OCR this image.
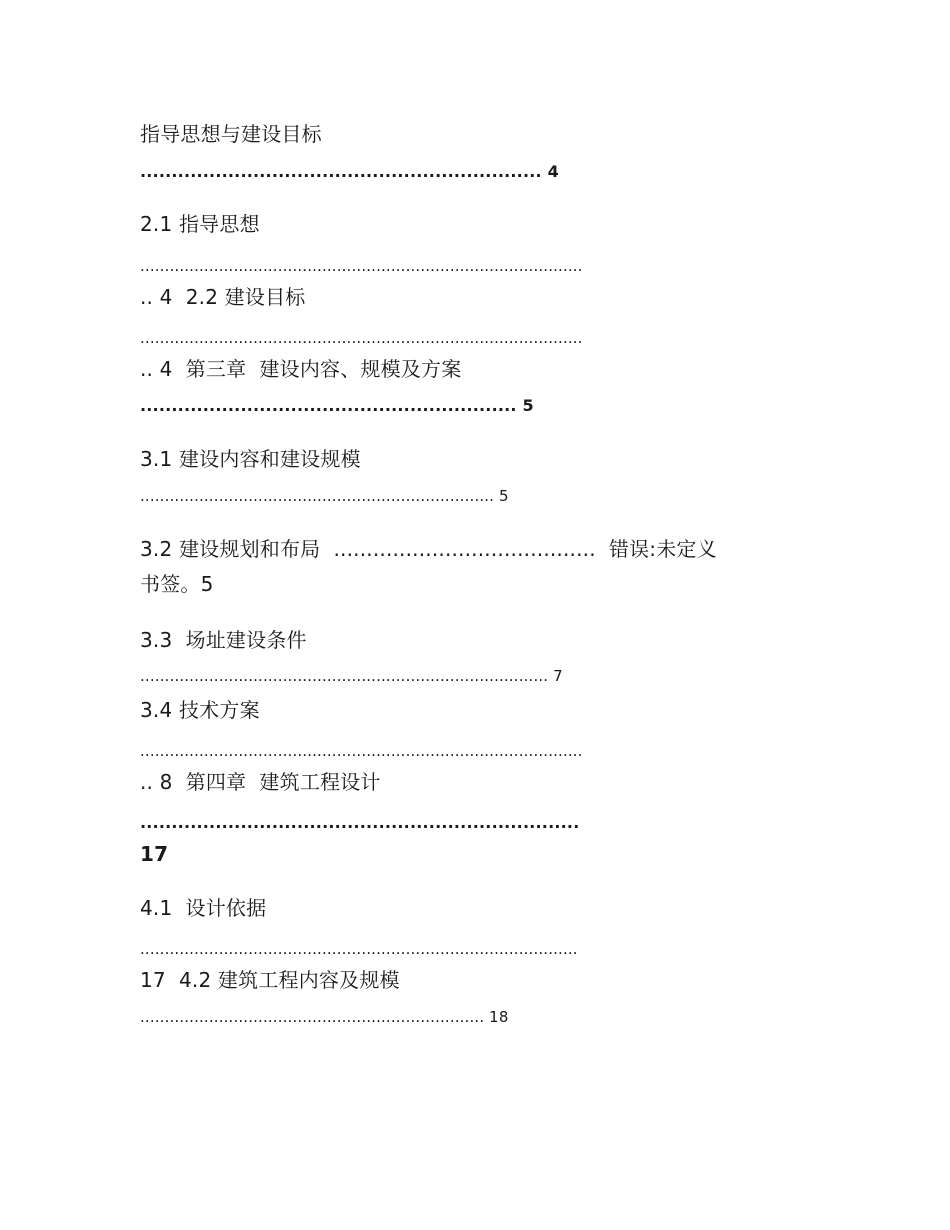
指导思想与建设目标

................................................................ 4

2.1 指导思想

..........................................................................................

.. 4  2.2 建设目标

..........................................................................................

.. 4  第三章  建设内容、规模及方案

............................................................ 5

3.1 建设内容和建设规模

........................................................................ 5

3.2 建设规划和布局  ........................................  错误:未定义

书签。5

3.3  场址建设条件

................................................................................... 7

3.4 技术方案

..........................................................................................

.. 8  第四章  建筑工程设计

......................................................................

17

4.1  设计依据

.........................................................................................

17  4.2 建筑工程内容及规模

...................................................................... 18
